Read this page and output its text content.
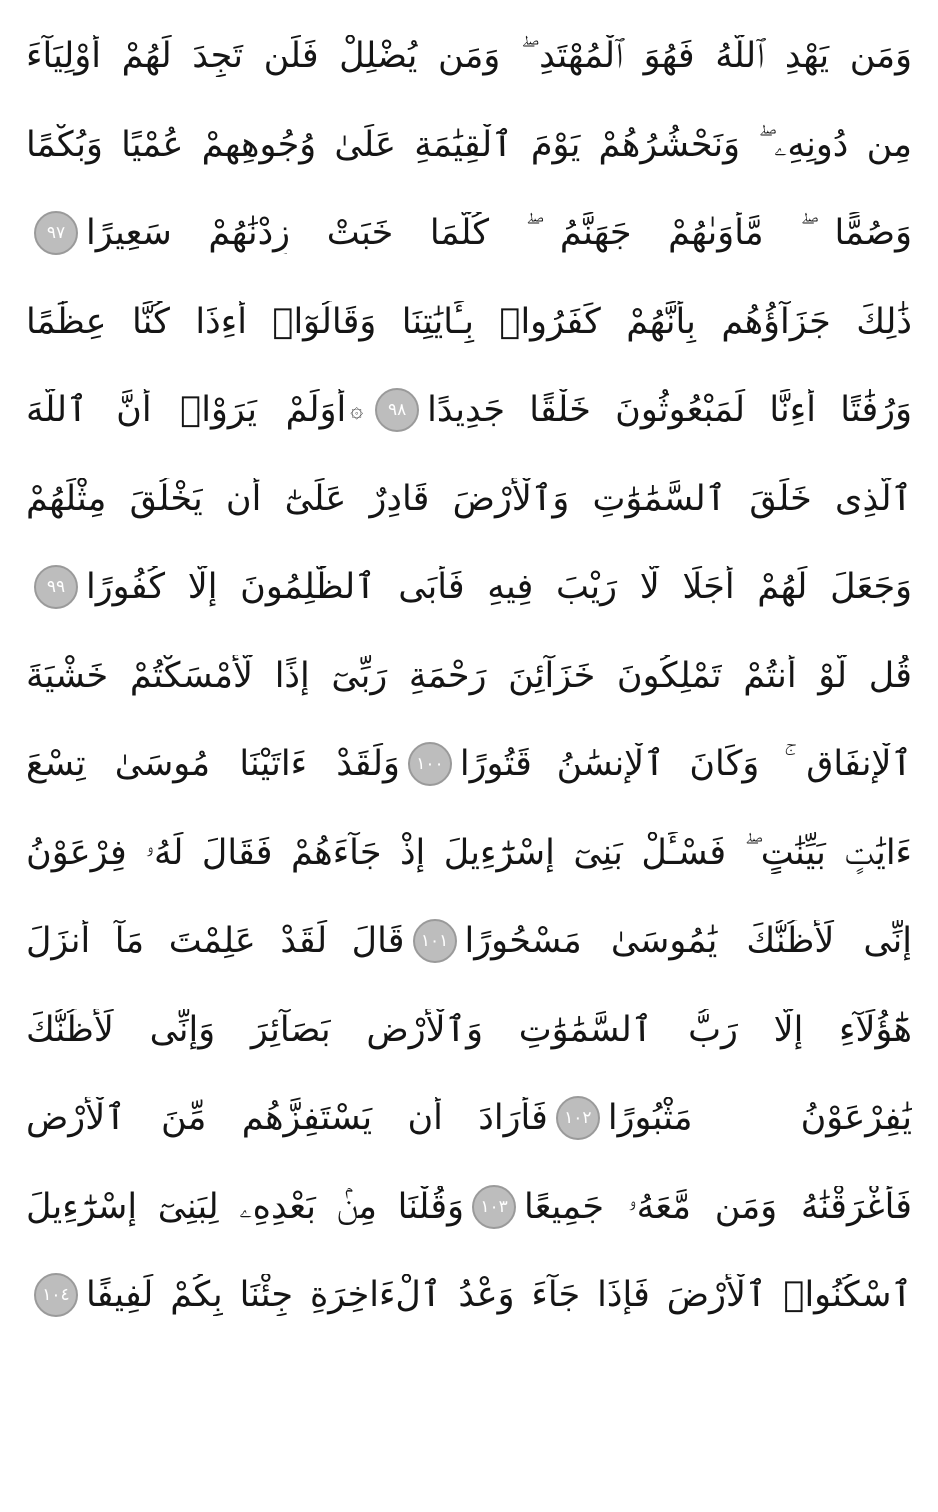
وَمَن يَهْدِ ٱللَّهُ فَهُوَ ٱلْمُهْتَدِ ۖ وَمَن يُضْلِلْ فَلَن تَجِدَ لَهُمْ أَوْلِيَآءَ
مِن دُونِهِۦ ۖ وَنَحْشُرُهُمْ يَوْمَ ٱلْقِيَٰمَةِ عَلَىٰ وُجُوهِهِمْ عُمْيًا وَبُكْمًا
وَصُمًّا ۖ مَّأْوَىٰهُمْ جَهَنَّمُ ۖ كُلَّمَا خَبَتْ زِدْنَٰهُمْ سَعِيرًا
٩٧
ذَٰلِكَ جَزَآؤُهُم بِأَنَّهُمْ كَفَرُوا۟ بِـَٔايَٰتِنَا وَقَالُوٓا۟ أَءِذَا كُنَّا عِظَٰمًا
وَرُفَٰتًا أَءِنَّا لَمَبْعُوثُونَ خَلْقًا جَدِيدًا
٩٨
۞
أَوَلَمْ يَرَوْا۟ أَنَّ ٱللَّهَ
ٱلَّذِى خَلَقَ ٱلسَّمَٰوَٰتِ وَٱلْأَرْضَ قَادِرٌ عَلَىٰٓ أَن يَخْلُقَ مِثْلَهُمْ
وَجَعَلَ لَهُمْ أَجَلًا لَّا رَيْبَ فِيهِ فَأَبَى ٱلظَّٰلِمُونَ إِلَّا كُفُورًا
٩٩
قُل لَّوْ أَنتُمْ تَمْلِكُونَ خَزَآئِنَ رَحْمَةِ رَبِّىٓ إِذًا لَّأَمْسَكْتُمْ خَشْيَةَ
ٱلْإِنفَاقِ ۚ وَكَانَ ٱلْإِنسَٰنُ قَتُورًا
١٠٠
وَلَقَدْ ءَاتَيْنَا مُوسَىٰ تِسْعَ
ءَايَٰتٍۭ بَيِّنَٰتٍ ۖ فَسْـَٔلْ بَنِىٓ إِسْرَٰٓءِيلَ إِذْ جَآءَهُمْ فَقَالَ لَهُۥ فِرْعَوْنُ
إِنِّى لَأَظُنُّكَ يَٰمُوسَىٰ مَسْحُورًا
١٠١
قَالَ لَقَدْ عَلِمْتَ مَآ أَنزَلَ
هَٰٓؤُلَآءِ إِلَّا رَبُّ ٱلسَّمَٰوَٰتِ وَٱلْأَرْضِ بَصَآئِرَ وَإِنِّى لَأَظُنُّكَ
يَٰفِرْعَوْنُ مَثْبُورًا
١٠٢
فَأَرَادَ أَن يَسْتَفِزَّهُم مِّنَ ٱلْأَرْضِ
فَأَغْرَقْنَٰهُ وَمَن مَّعَهُۥ جَمِيعًا
١٠٣
وَقُلْنَا مِنۢ بَعْدِهِۦ لِبَنِىٓ إِسْرَٰٓءِيلَ
ٱسْكُنُوا۟ ٱلْأَرْضَ فَإِذَا جَآءَ وَعْدُ ٱلْءَاخِرَةِ جِئْنَا بِكُمْ لَفِيفًا
١٠٤
